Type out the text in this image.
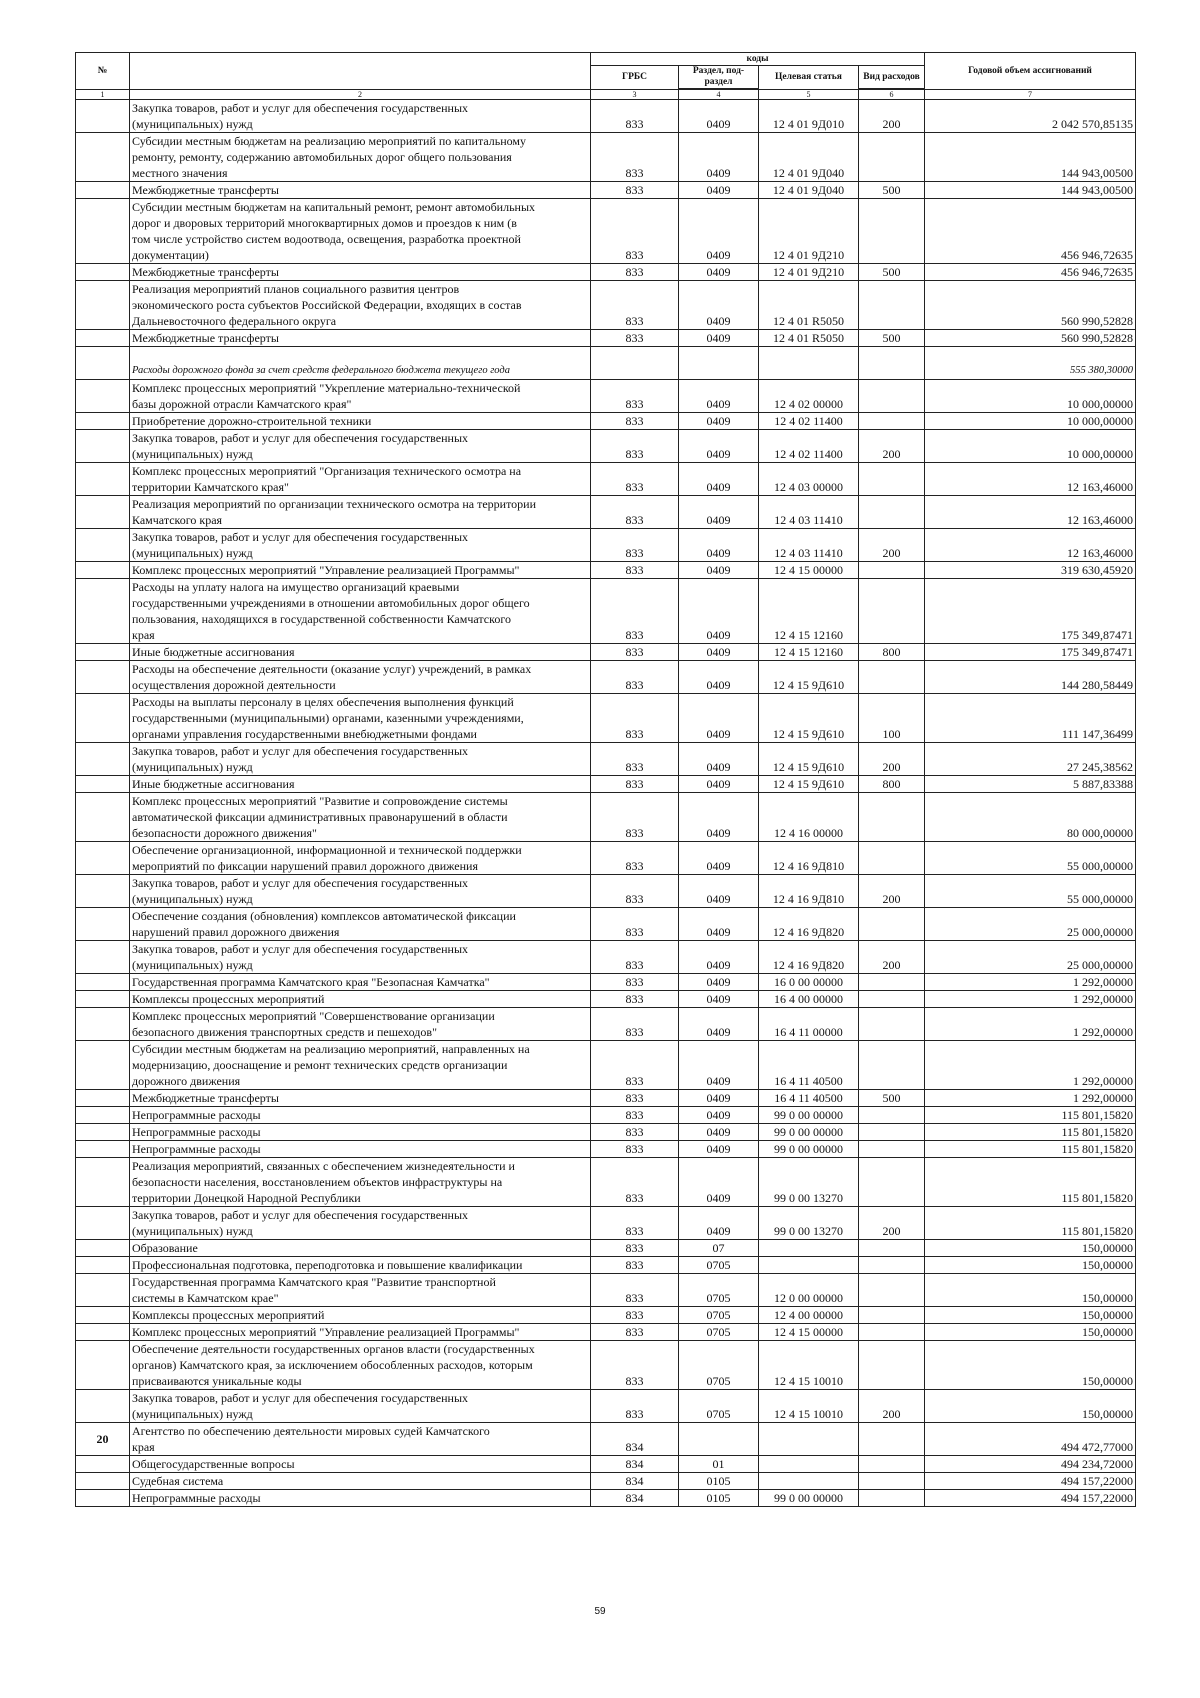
№		коды				Годовой объем ассигнований
		ГРБС	Раздел, под-раздел	Целевая статья	Вид расходов	

1	2	3	4	5	6	7

	Закупка товаров, работ и услуг для обеспечения государственных
(муниципальных) нужд	833	0409	12 4 01 9Д010	200	2 042 570,85135

	Субсидии местным бюджетам на реализацию мероприятий по капитальному
ремонту, ремонту, содержанию автомобильных дорог общего пользования
местного значения	833	0409	12 4 01 9Д040		144 943,00500

	Межбюджетные трансферты	833	0409	12 4 01 9Д040	500	144 943,00500

	Субсидии местным бюджетам на капитальный ремонт, ремонт автомобильных
дорог и дворовых территорий многоквартирных домов и проездов к ним (в
том числе устройство систем водоотвода, освещения, разработка проектной
документации)	833	0409	12 4 01 9Д210		456 946,72635

	Межбюджетные трансферты	833	0409	12 4 01 9Д210	500	456 946,72635

	Реализация мероприятий планов социального развития центров
экономического роста субъектов Российской Федерации, входящих в состав
Дальневосточного федерального округа	833	0409	12 4 01 R5050		560 990,52828

	Межбюджетные трансферты	833	0409	12 4 01 R5050	500	560 990,52828

	Расходы дорожного фонда за счет средств федерального бюджета текущего года					555 380,30000

	Комплекс процессных мероприятий "Укрепление материально-технической
базы дорожной отрасли Камчатского края"	833	0409	12 4 02 00000		10 000,00000

	Приобретение дорожно-строительной техники	833	0409	12 4 02 11400		10 000,00000

	Закупка товаров, работ и услуг для обеспечения государственных
(муниципальных) нужд	833	0409	12 4 02 11400	200	10 000,00000

	Комплекс процессных мероприятий "Организация технического осмотра на
территории Камчатского края"	833	0409	12 4 03 00000		12 163,46000

	Реализация мероприятий по организации технического осмотра на территории
Камчатского края	833	0409	12 4 03 11410		12 163,46000

	Закупка товаров, работ и услуг для обеспечения государственных
(муниципальных) нужд	833	0409	12 4 03 11410	200	12 163,46000

	Комплекс процессных мероприятий "Управление реализацией Программы"	833	0409	12 4 15 00000		319 630,45920

	Расходы на уплату налога на имущество организаций краевыми
государственными учреждениями в отношении автомобильных дорог общего
пользования, находящихся в государственной собственности Камчатского
края	833	0409	12 4 15 12160		175 349,87471

	Иные бюджетные ассигнования	833	0409	12 4 15 12160	800	175 349,87471

	Расходы на обеспечение деятельности (оказание услуг) учреждений, в рамках
осуществления дорожной деятельности	833	0409	12 4 15 9Д610		144 280,58449

	Расходы на выплаты персоналу в целях обеспечения выполнения функций
государственными (муниципальными) органами, казенными учреждениями,
органами управления государственными внебюджетными фондами	833	0409	12 4 15 9Д610	100	111 147,36499

	Закупка товаров, работ и услуг для обеспечения государственных
(муниципальных) нужд	833	0409	12 4 15 9Д610	200	27 245,38562

	Иные бюджетные ассигнования	833	0409	12 4 15 9Д610	800	5 887,83388

	Комплекс процессных мероприятий "Развитие и сопровождение системы
автоматической фиксации административных правонарушений в области
безопасности дорожного движения"	833	0409	12 4 16 00000		80 000,00000

	Обеспечение организационной, информационной и технической поддержки
мероприятий по фиксации нарушений правил дорожного движения	833	0409	12 4 16 9Д810		55 000,00000

	Закупка товаров, работ и услуг для обеспечения государственных
(муниципальных) нужд	833	0409	12 4 16 9Д810	200	55 000,00000

	Обеспечение создания (обновления) комплексов автоматической фиксации
нарушений правил дорожного движения	833	0409	12 4 16 9Д820		25 000,00000

	Закупка товаров, работ и услуг для обеспечения государственных
(муниципальных) нужд	833	0409	12 4 16 9Д820	200	25 000,00000

	Государственная программа Камчатского края "Безопасная Камчатка"	833	0409	16 0 00 00000		1 292,00000

	Комплексы процессных мероприятий	833	0409	16 4 00 00000		1 292,00000

	Комплекс процессных мероприятий "Совершенствование организации
безопасного движения транспортных средств и пешеходов"	833	0409	16 4 11 00000		1 292,00000

	Субсидии местным бюджетам на реализацию мероприятий, направленных на
модернизацию, дооснащение и ремонт технических средств организации
дорожного движения	833	0409	16 4 11 40500		1 292,00000

	Межбюджетные трансферты	833	0409	16 4 11 40500	500	1 292,00000

	Непрограммные расходы	833	0409	99 0 00 00000		115 801,15820

	Непрограммные расходы	833	0409	99 0 00 00000		115 801,15820

	Непрограммные расходы	833	0409	99 0 00 00000		115 801,15820

	Реализация мероприятий, связанных с обеспечением жизнедеятельности и
безопасности населения, восстановлением объектов инфраструктуры на
территории Донецкой Народной Республики	833	0409	99 0 00 13270		115 801,15820

	Закупка товаров, работ и услуг для обеспечения государственных
(муниципальных) нужд	833	0409	99 0 00 13270	200	115 801,15820

	Образование	833	07			150,00000

	Профессиональная подготовка, переподготовка и повышение квалификации	833	0705			150,00000

	Государственная программа Камчатского края "Развитие транспортной
системы в Камчатском крае"	833	0705	12 0 00 00000		150,00000

	Комплексы процессных мероприятий	833	0705	12 4 00 00000		150,00000

	Комплекс процессных мероприятий "Управление реализацией Программы"	833	0705	12 4 15 00000		150,00000

	Обеспечение деятельности государственных органов власти (государственных
органов) Камчатского края, за исключением обособленных расходов, которым
присваиваются уникальные коды	833	0705	12 4 15 10010		150,00000

	Закупка товаров, работ и услуг для обеспечения государственных
(муниципальных) нужд	833	0705	12 4 15 10010	200	150,00000
20	Агентство по обеспечению деятельности мировых судей Камчатского
края	834				494 472,77000

	Общегосударственные вопросы	834	01			494 234,72000

	Судебная система	834	0105			494 157,22000

	Непрограммные расходы	834	0105	99 0 00 00000		494 157,22000
59
